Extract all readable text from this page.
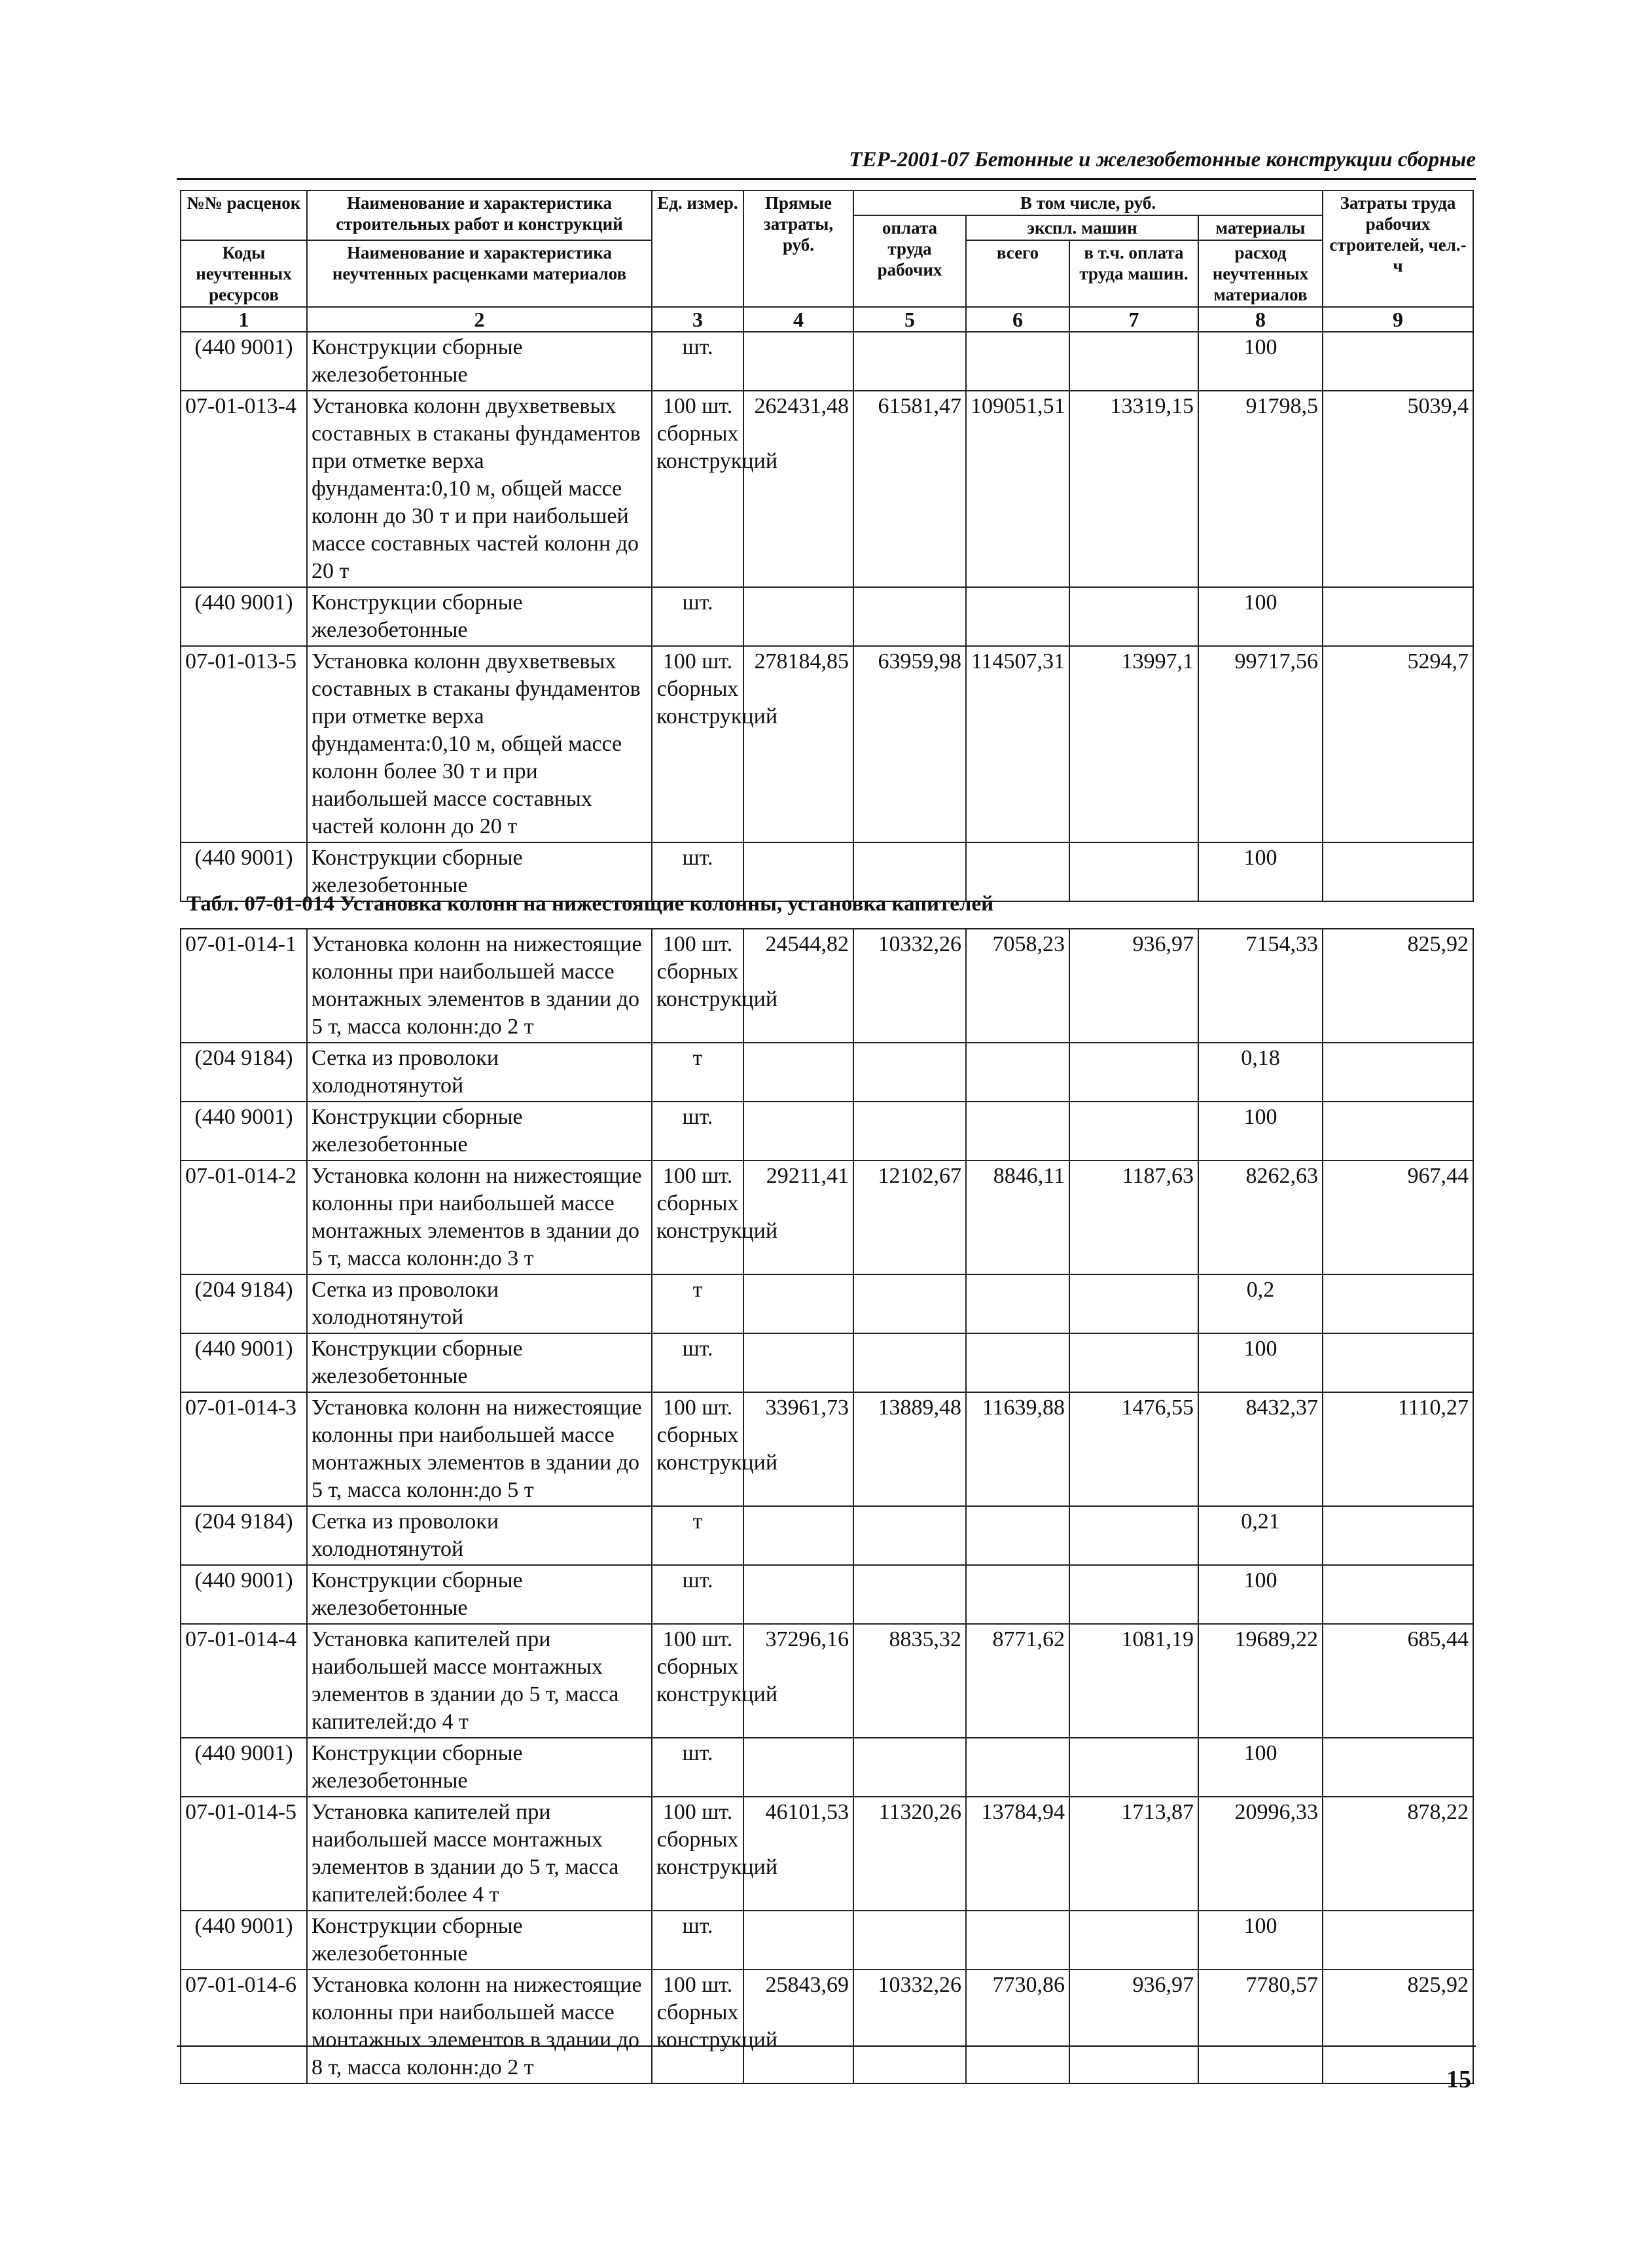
ТЕР-2001-07 Бетонные и железобетонные конструкции сборные
№№ расценок	Наименование и характеристика строительных работ и конструкций	Ед. измер.	Прямые затраты, руб.	В том числе, руб.				Затраты труда рабочих строителей, чел.-ч
				оплата труда рабочих	экспл. машин		материалы	
Коды неучтенных ресурсов	Наименование и характеристика неучтенных расценками материалов				всего	в т.ч. оплата труда машин.	расход неучтенных материалов	

1	2	3	4	5	6	7	8	9
(440 9001)	Конструкции сборные железобетонные	шт.					100	
07-01-013-4	Установка колонн двухветвевых составных в стаканы фундаментов при отметке верха фундамента:0,10 м, общей массе колонн до 30 т и при наибольшей массе составных частей колонн до 20 т	100 шт. сборных конструкций	262431,48	61581,47	109051,51	13319,15	91798,5	5039,4
(440 9001)	Конструкции сборные железобетонные	шт.					100	
07-01-013-5	Установка колонн двухветвевых составных в стаканы фундаментов при отметке верха фундамента:0,10 м, общей массе колонн более 30 т и при наибольшей массе составных частей колонн до 20 т	100 шт. сборных конструкций	278184,85	63959,98	114507,31	13997,1	99717,56	5294,7
(440 9001)	Конструкции сборные железобетонные	шт.					100	
Табл. 07-01-014 Установка колонн на нижестоящие колонны, установка капителей
07-01-014-1	Установка колонн на нижестоящие колонны при наибольшей массе монтажных элементов в здании до 5 т, масса колонн:до 2 т	100 шт. сборных конструкций	24544,82	10332,26	7058,23	936,97	7154,33	825,92
(204 9184)	Сетка из проволоки холоднотянутой	т					0,18	
(440 9001)	Конструкции сборные железобетонные	шт.					100	
07-01-014-2	Установка колонн на нижестоящие колонны при наибольшей массе монтажных элементов в здании до 5 т, масса колонн:до 3 т	100 шт. сборных конструкций	29211,41	12102,67	8846,11	1187,63	8262,63	967,44
(204 9184)	Сетка из проволоки холоднотянутой	т					0,2	
(440 9001)	Конструкции сборные железобетонные	шт.					100	
07-01-014-3	Установка колонн на нижестоящие колонны при наибольшей массе монтажных элементов в здании до 5 т, масса колонн:до 5 т	100 шт. сборных конструкций	33961,73	13889,48	11639,88	1476,55	8432,37	1110,27
(204 9184)	Сетка из проволоки холоднотянутой	т					0,21	
(440 9001)	Конструкции сборные железобетонные	шт.					100	
07-01-014-4	Установка капителей при наибольшей массе монтажных элементов в здании до 5 т, масса капителей:до 4 т	100 шт. сборных конструкций	37296,16	8835,32	8771,62	1081,19	19689,22	685,44
(440 9001)	Конструкции сборные железобетонные	шт.					100	
07-01-014-5	Установка капителей при наибольшей массе монтажных элементов в здании до 5 т, масса капителей:более 4 т	100 шт. сборных конструкций	46101,53	11320,26	13784,94	1713,87	20996,33	878,22
(440 9001)	Конструкции сборные железобетонные	шт.					100	
07-01-014-6	Установка колонн на нижестоящие колонны при наибольшей массе монтажных элементов в здании до 8 т, масса колонн:до 2 т	100 шт. сборных конструкций	25843,69	10332,26	7730,86	936,97	7780,57	825,92
15
